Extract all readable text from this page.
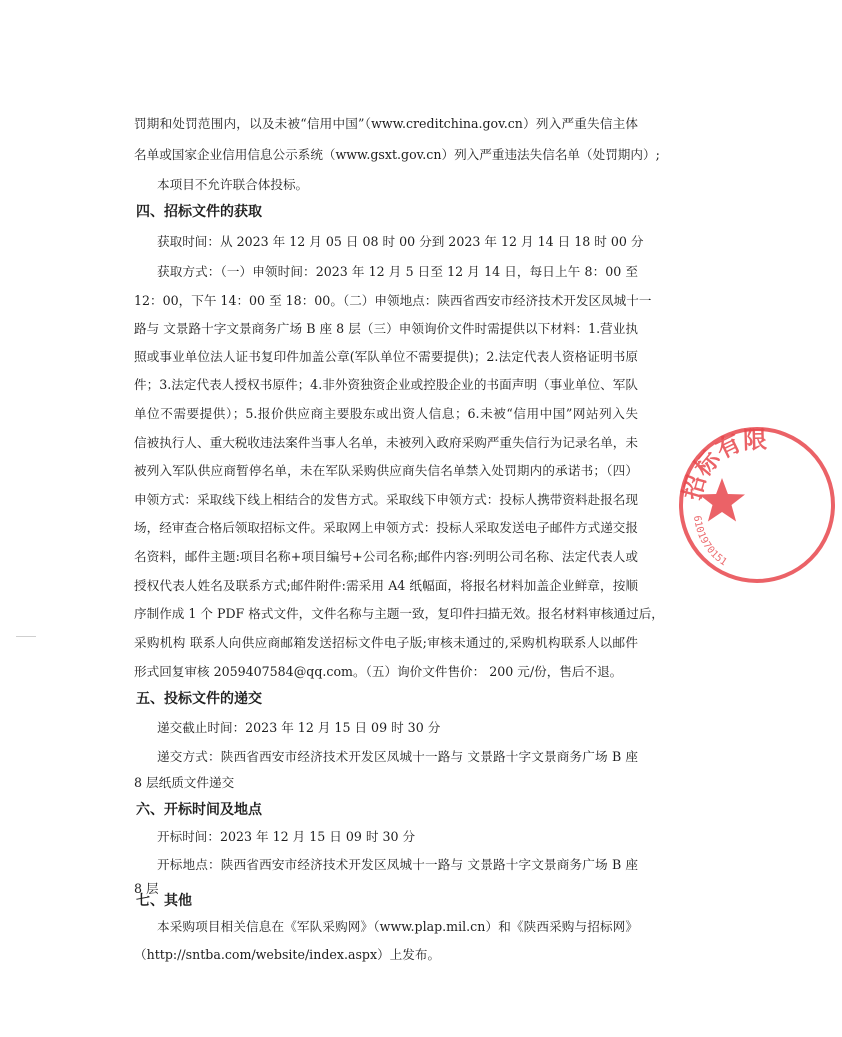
罚期和处罚范围内，以及未被“信用中国”（www.creditchina.gov.cn）列入严重失信主体
名单或国家企业信用信息公示系统（www.gsxt.gov.cn）列入严重违法失信名单（处罚期内）;
本项目不允许联合体投标。
四、招标文件的获取
获取时间：从 2023 年 12 月 05 日 08 时 00 分到 2023 年 12 月 14 日 18 时 00 分
获取方式：（一）申领时间：2023 年 12 月 5 日至 12 月 14 日，每日上午 8：00 至
12：00，下午 14：00 至 18：00。（二）申领地点：陕西省西安市经济技术开发区凤城十一
路与 文景路十字文景商务广场 B 座 8 层（三）申领询价文件时需提供以下材料：1.营业执
照或事业单位法人证书复印件加盖公章(军队单位不需要提供)；2.法定代表人资格证明书原
件；3.法定代表人授权书原件；4.非外资独资企业或控股企业的书面声明（事业单位、军队
单位不需要提供）；5.报价供应商主要股东或出资人信息；6.未被“信用中国”网站列入失
信被执行人、重大税收违法案件当事人名单，未被列入政府采购严重失信行为记录名单，未
被列入军队供应商暂停名单，未在军队采购供应商失信名单禁入处罚期内的承诺书；（四）
申领方式：采取线下线上相结合的发售方式。采取线下申领方式：投标人携带资料赴报名现
场，经审查合格后领取招标文件。采取网上申领方式：投标人采取发送电子邮件方式递交报
名资料，邮件主题:项目名称+项目编号+公司名称;邮件内容:列明公司名称、法定代表人或
授权代表人姓名及联系方式;邮件附件:需采用 A4 纸幅面，将报名材料加盖企业鲜章，按顺
序制作成 1 个 PDF 格式文件，文件名称与主题一致，复印件扫描无效。报名材料审核通过后，
采购机构 联系人向供应商邮箱发送招标文件电子版;审核未通过的,采购机构联系人以邮件
形式回复审核 2059407584@qq.com。（五）询价文件售价： 200 元/份，售后不退。
五、投标文件的递交
递交截止时间：2023 年 12 月 15 日 09 时 30 分
递交方式：陕西省西安市经济技术开发区凤城十一路与 文景路十字文景商务广场 B 座
8 层纸质文件递交
六、开标时间及地点
开标时间：2023 年 12 月 15 日 09 时 30 分
开标地点：陕西省西安市经济技术开发区凤城十一路与 文景路十字文景商务广场 B 座
8 层
七、其他
本采购项目相关信息在《军队采购网》（www.plap.mil.cn）和《陕西采购与招标网》
（http://sntba.com/website/index.aspx）上发布。
招标有限
6101970151
